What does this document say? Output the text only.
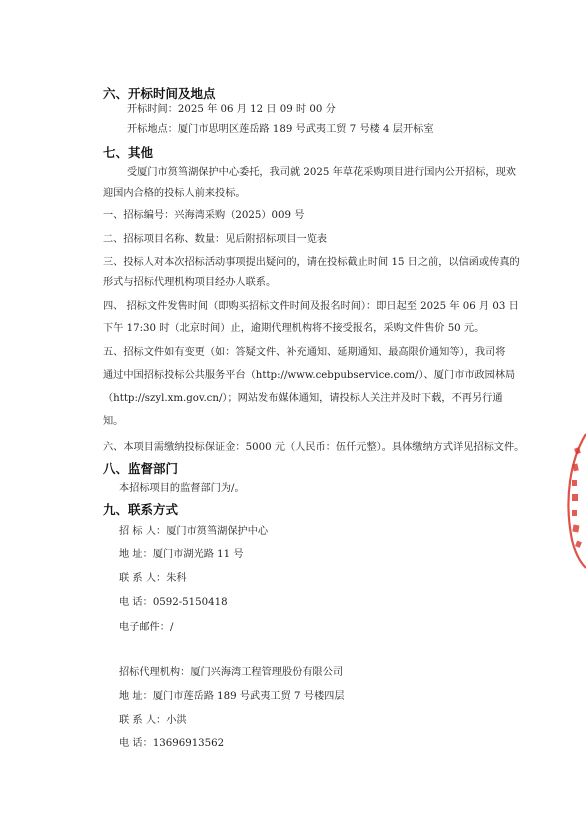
六、开标时间及地点
开标时间：2025 年 06 月 12 日 09 时 00 分
开标地点：厦门市思明区莲岳路 189 号武夷工贸 7 号楼 4 层开标室
七、其他
受厦门市筼筜湖保护中心委托，我司就 2025 年草花采购项目进行国内公开招标，现欢
迎国内合格的投标人前来投标。
一、招标编号：兴海湾采购（2025）009 号
二、招标项目名称、数量：见后附招标项目一览表
三、投标人对本次招标活动事项提出疑问的，请在投标截止时间 15 日之前，以信函或传真的
形式与招标代理机构项目经办人联系。
四、 招标文件发售时间（即购买招标文件时间及报名时间）：即日起至 2025 年 06 月 03 日
下午 17:30 时（北京时间）止，逾期代理机构将不接受报名，采购文件售价 50 元。
五、招标文件如有变更（如：答疑文件、补充通知、延期通知、最高限价通知等），我司将
通过中国招标投标公共服务平台（http://www.cebpubservice.com/）、厦门市市政园林局
（http://szyl.xm.gov.cn/）；网站发布媒体通知，请投标人关注并及时下载，不再另行通
知。
六、本项目需缴纳投标保证金：5000 元（人民币：伍仟元整）。具体缴纳方式详见招标文件。
八、监督部门
本招标项目的监督部门为/。
九、联系方式
招 标 人：厦门市筼筜湖保护中心
地 址：厦门市湖光路 11 号
联 系 人：朱科
电 话：0592-5150418
电子邮件：/
招标代理机构：厦门兴海湾工程管理股份有限公司
地 址：厦门市莲岳路 189 号武夷工贸 7 号楼四层
联 系 人：小洪
电 话：13696913562
